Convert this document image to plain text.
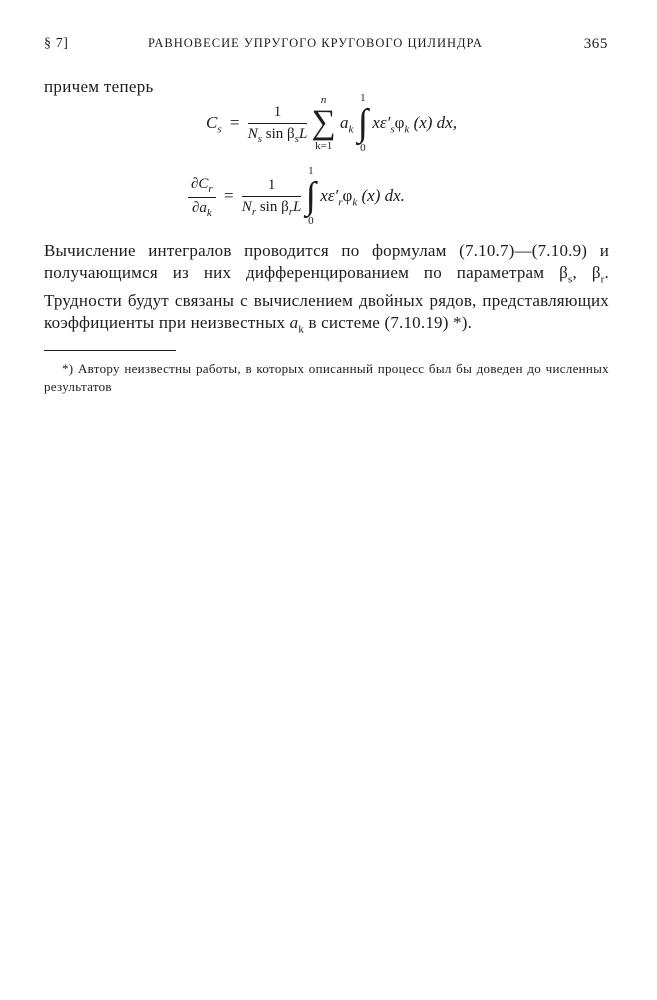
§ 7]	РАВНОВЕСИЕ УПРУГОГО КРУГОВОГО ЦИЛИНДРА	365
причем теперь
$C_s = \frac{1}{N_s \sin \beta_sL}$

n
∑
k=1
$a_k$
1
∫
0
$x\varepsilon'_s\varphi_k$ (x) dx,
$\frac{\partial C_r}{\partial a_k} = \frac{1}{N_r \sin \beta_rL}$

1
∫
0
$x\varepsilon'_r\varphi_k$ (x) dx.
Вычисление интегралов проводится по формулам (7.10.7)—(7.10.9) и получающимся из них дифференцированием по параметрам $\beta_s$, $\beta_r$. Трудности будут связаны с вычислением двойных рядов, представляющих коэффициенты при неизвестных $a_k$ в системе (7.10.19) *).
*) Автору неизвестны работы, в которых описанный процесс был бы доведен до численных результатов
